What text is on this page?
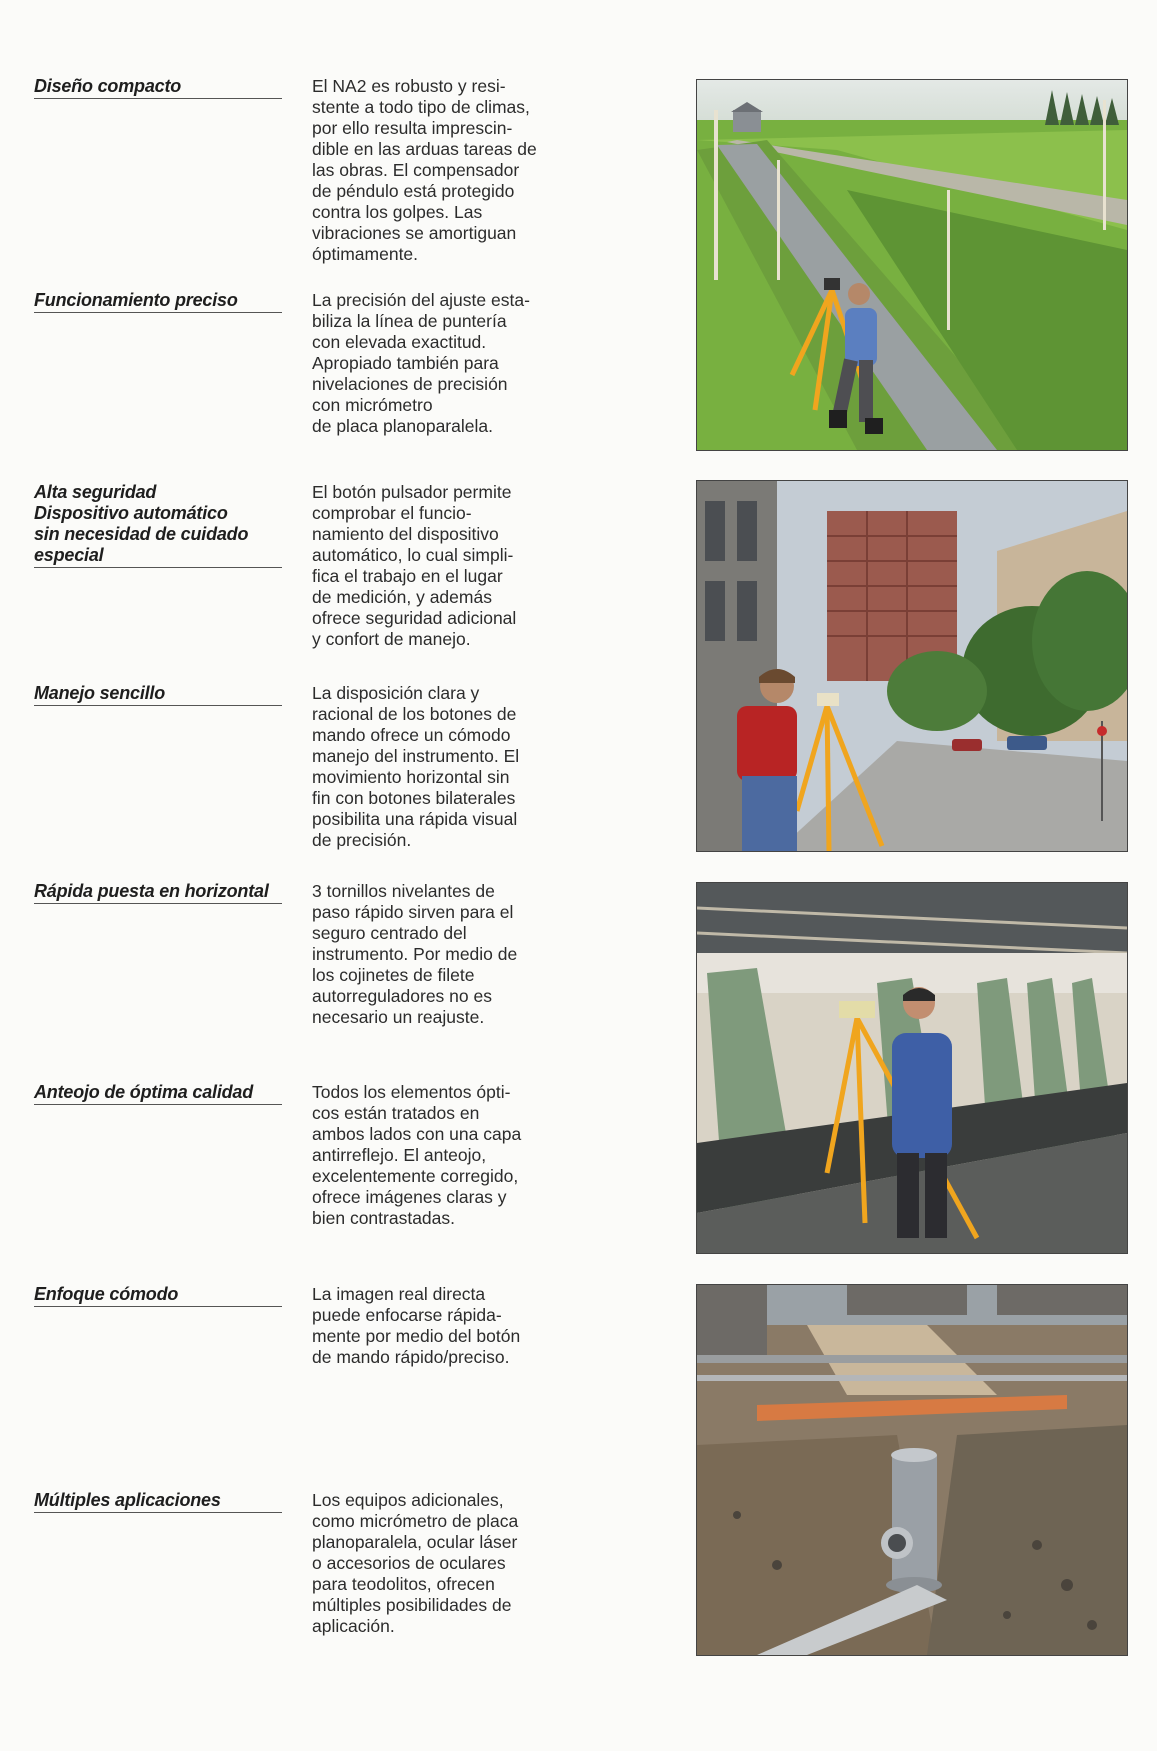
Diseño compacto	El NA2 es robusto y resi-
stente a todo tipo de climas,
por ello resulta imprescin-
dible en las arduas tareas de
las obras. El compensador
de péndulo está protegido
contra los golpes. Las
vibraciones se amortiguan
óptimamente.
Funcionamiento preciso	La precisión del ajuste esta-
biliza la línea de puntería
con elevada exactitud.
Apropiado también para
nivelaciones de precisión
con micrómetro
de placa planoparalela.
Alta seguridad
Dispositivo automático
sin necesidad de cuidado
especial
El botón pulsador permite
comprobar el funcio-
namiento del dispositivo
automático, lo cual simpli-
fica el trabajo en el lugar
de medición, y además
ofrece seguridad adicional
y confort de manejo.
Manejo sencillo	La disposición clara y
racional de los botones de
mando ofrece un cómodo
manejo del instrumento. El
movimiento horizontal sin
fin con botones bilaterales
posibilita una rápida visual
de precisión.
Rápida puesta en horizontal	3 tornillos nivelantes de
paso rápido sirven para el
seguro centrado del
instrumento. Por medio de
los cojinetes de filete
autorreguladores no es
necesario un reajuste.
Anteojo de óptima calidad	Todos los elementos ópti-
cos están tratados en
ambos lados con una capa
antirreflejo. El anteojo,
excelentemente corregido,
ofrece imágenes claras y
bien contrastadas.
Enfoque cómodo	La imagen real directa
puede enfocarse rápida-
mente por medio del botón
de mando rápido/preciso.
Múltiples aplicaciones	Los equipos adicionales,
como micrómetro de placa
planoparalela, ocular láser
o accesorios de oculares
para teodolitos, ofrecen
múltiples posibilidades de
aplicación.
